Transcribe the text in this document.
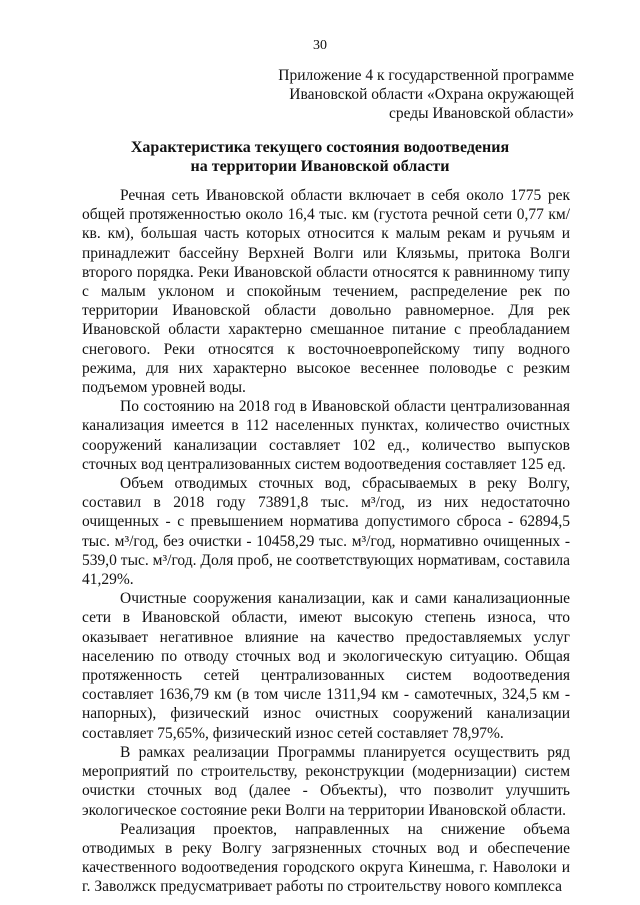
30
Приложение 4 к государственной программе
Ивановской области «Охрана окружающей
среды Ивановской области»
Характеристика текущего состояния водоотведения
на территории Ивановской области

Речная сеть Ивановской области включает в себя около 1775 рек общей протяженностью около 16,4 тыс. км (густота речной сети 0,77 км/кв. км), большая часть которых относится к малым рекам и ручьям и принадлежит бассейну Верхней Волги или Клязьмы, притока Волги второго порядка. Реки Ивановской области относятся к равнинному типу с малым уклоном и спокойным течением, распределение рек по территории Ивановской области довольно равномерное. Для рек Ивановской области характерно смешанное питание с преобладанием снегового. Реки относятся к восточноевропейскому типу водного режима, для них характерно высокое весеннее половодье с резким подъемом уровней воды.

По состоянию на 2018 год в Ивановской области централизованная канализация имеется в 112 населенных пунктах, количество очистных сооружений канализации составляет 102 ед., количество выпусков сточных вод централизованных систем водоотведения составляет 125 ед.

Объем отводимых сточных вод, сбрасываемых в реку Волгу, составил в 2018 году 73891,8 тыс. м³/год, из них недостаточно очищенных - с превышением норматива допустимого сброса - 62894,5 тыс. м³/год, без очистки - 10458,29 тыс. м³/год, нормативно очищенных - 539,0 тыс. м³/год. Доля проб, не соответствующих нормативам, составила 41,29%.

Очистные сооружения канализации, как и сами канализационные сети в Ивановской области, имеют высокую степень износа, что оказывает негативное влияние на качество предоставляемых услуг населению по отводу сточных вод и экологическую ситуацию. Общая протяженность сетей централизованных систем водоотведения составляет 1636,79 км (в том числе 1311,94 км - самотечных, 324,5 км - напорных), физический износ очистных сооружений канализации составляет 75,65%, физический износ сетей составляет 78,97%.

В рамках реализации Программы планируется осуществить ряд мероприятий по строительству, реконструкции (модернизации) систем очистки сточных вод (далее - Объекты), что позволит улучшить экологическое состояние реки Волги на территории Ивановской области.

Реализация проектов, направленных на снижение объема отводимых в реку Волгу загрязненных сточных вод и обеспечение качественного водоотведения городского округа Кинешма, г. Наволоки и г. Заволжск предусматривает работы по строительству нового комплекса
